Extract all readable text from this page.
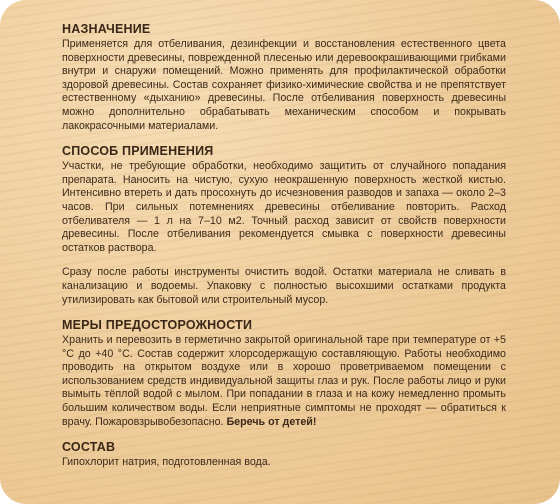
НАЗНАЧЕНИЕ

Применяется для отбеливания, дезинфекции и восстановления естественного цвета поверхности древесины, поврежденной плесенью или деревоокрашивающими грибками внутри и снаружи помещений. Можно применять для профилактической обработки здоровой древесины. Состав сохраняет физико-химические свойства и не препятствует естественному «дыханию» древесины. После отбеливания поверхность древесины можно дополнительно обрабатывать механическим способом и покрывать лакокрасочными материалами.

СПОСОБ ПРИМЕНЕНИЯ

Участки, не требующие обработки, необходимо защитить от случайного попадания препарата. Наносить на чистую, сухую неокрашенную поверхность жесткой кистью. Интенсивно втереть и дать просохнуть до исчезновения разводов и запаха — около 2–3 часов. При сильных потемнениях древесины отбеливание повторить. Расход отбеливателя — 1 л на 7–10 м2. Точный расход зависит от свойств поверхности древесины. После отбеливания рекомендуется смывка с поверхности древесины остатков раствора.

Сразу после работы инструменты очистить водой. Остатки материала не сливать в канализацию и водоемы. Упаковку с полностью высохшими остатками продукта утилизировать как бытовой или строительный мусор.

МЕРЫ ПРЕДОСТОРОЖНОСТИ

Хранить и перевозить в герметично закрытой оригинальной таре при температуре от +5 °С до +40 °С. Состав содержит хлорсодержащую составляющую. Работы необходимо проводить на открытом воздухе или в хорошо проветриваемом помещении с использованием средств индивидуальной защиты глаз и рук. После работы лицо и руки вымыть тёплой водой с мылом. При попадании в глаза и на кожу немедленно промыть большим количеством воды. Если неприятные симптомы не проходят — обратиться к врачу. Пожаровзрывобезопасно. Беречь от детей!

СОСТАВ

Гипохлорит натрия, подготовленная вода.
